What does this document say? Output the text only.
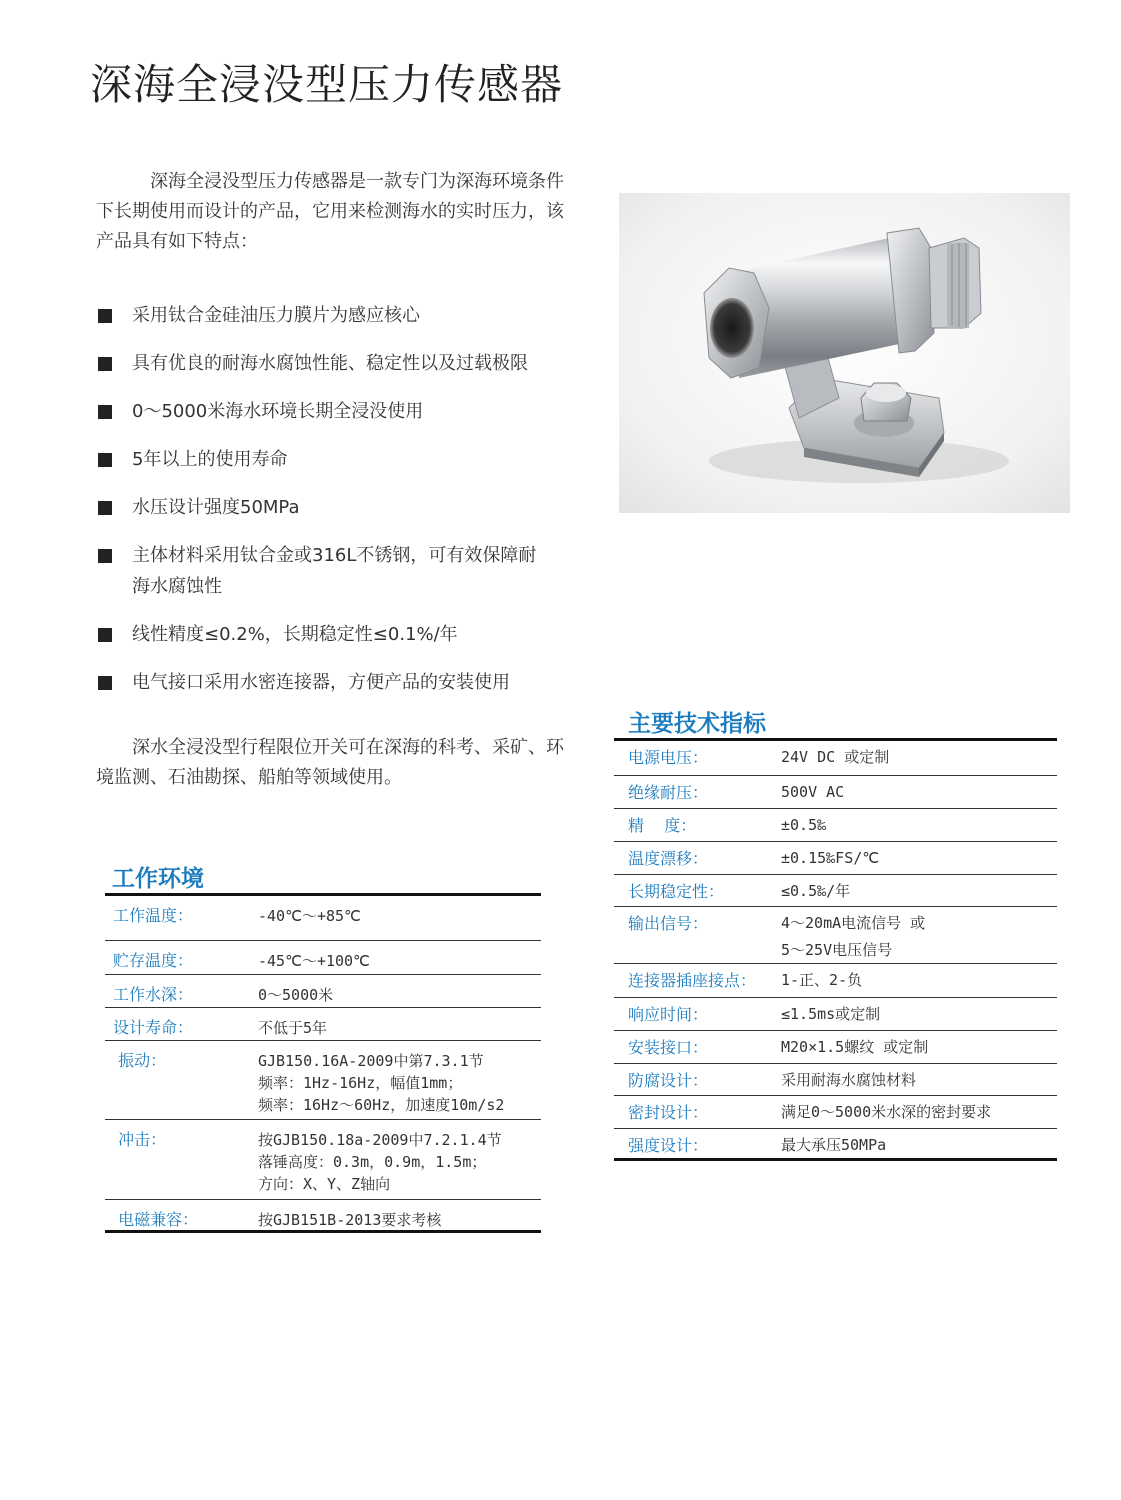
深海全浸没型压力传感器

深海全浸没型压力传感器是一款专门为深海环境条件下长期使用而设计的产品，它用来检测海水的实时压力，该产品具有如下特点：

采用钛合金硅油压力膜片为感应核心
具有优良的耐海水腐蚀性能、稳定性以及过载极限
0～5000米海水环境长期全浸没使用
5年以上的使用寿命
水压设计强度50MPa
主体材料采用钛合金或316L不锈钢，可有效保障耐
海水腐蚀性
线性精度≤0.2%，长期稳定性≤0.1%/年
电气接口采用水密连接器，方便产品的安装使用

深水全浸没型行程限位开关可在深海的科考、采矿、环境监测、石油勘探、船舶等领域使用。

工作环境
工作温度：	-40℃～+85℃
贮存温度：	-45℃～+100℃
工作水深：	0～5000米
设计寿命：	不低于5年
振动：	GJB150.16A-2009中第7.3.1节
频率：1Hz-16Hz，幅值1mm；
频率：16Hz～60Hz，加速度10m/s2
冲击：	按GJB150.18a-2009中7.2.1.4节
落锤高度：0.3m，0.9m，1.5m；
方向：X、Y、Z轴向
电磁兼容：	按GJB151B-2013要求考核
主要技术指标
电源电压：	24V DC 或定制
绝缘耐压：	500V AC
精    度：	±0.5‰
温度漂移：	±0.15‰FS/℃
长期稳定性：	≤0.5‰/年
输出信号：	4～20mA电流信号 或
5～25V电压信号
连接器插座接点：	1-正、2-负
响应时间：	≤1.5ms或定制
安装接口：	M20×1.5螺纹 或定制
防腐设计：	采用耐海水腐蚀材料
密封设计：	满足0～5000米水深的密封要求
强度设计：	最大承压50MPa
